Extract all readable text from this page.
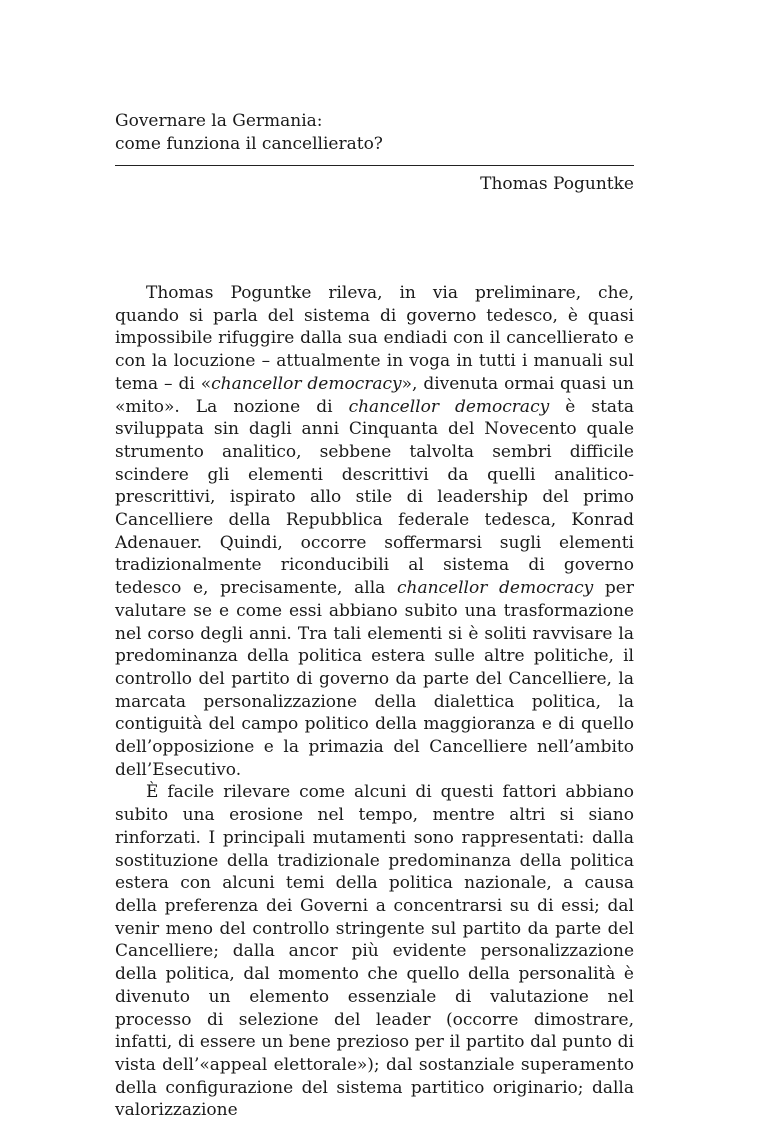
Governare la Germania:
come funziona il cancellierato?
Thomas Poguntke

Thomas Poguntke rileva, in via preliminare, che, quando si parla del sistema di governo tedesco, è quasi impossibile rifuggire dalla sua endiadi con il cancellierato e con la locuzione – attualmente in voga in tutti i manuali sul tema – di «chancellor democracy», divenuta ormai quasi un «mito». La nozione di chancellor democracy è stata sviluppata sin dagli anni Cinquanta del Novecento quale strumento analitico, sebbene talvolta sembri difficile scindere gli elementi descrittivi da quelli analitico-prescrittivi, ispirato allo stile di leadership del primo Cancelliere della Repubblica federale tedesca, Konrad Adenauer. Quindi, occorre soffermarsi sugli elementi tradizionalmente riconducibili al sistema di governo tedesco e, precisamente, alla chancellor democracy per valutare se e come essi abbiano subito una trasformazione nel corso degli anni. Tra tali elementi si è soliti ravvisare la predominanza della politica estera sulle altre politiche, il controllo del partito di governo da parte del Cancelliere, la marcata personalizzazione della dialettica politica, la contiguità del campo politico della maggioranza e di quello dell’opposizione e la primazia del Cancelliere nell’ambito dell’Esecutivo.

È facile rilevare come alcuni di questi fattori abbiano subito una erosione nel tempo, mentre altri si siano rinforzati. I principali mutamenti sono rappresentati: dalla sostituzione della tradizionale predominanza della politica estera con alcuni temi della politica nazionale, a causa della preferenza dei Governi a concentrarsi su di essi; dal venir meno del controllo stringente sul partito da parte del Cancelliere; dalla ancor più evidente personalizzazione della politica, dal momento che quello della personalità è divenuto un elemento essenziale di valutazione nel processo di selezione del leader (occorre dimostrare, infatti, di essere un bene prezioso per il partito dal punto di vista dell’«appeal elettorale»); dal sostanziale superamento della configurazione del sistema partitico originario; dalla valorizzazione
